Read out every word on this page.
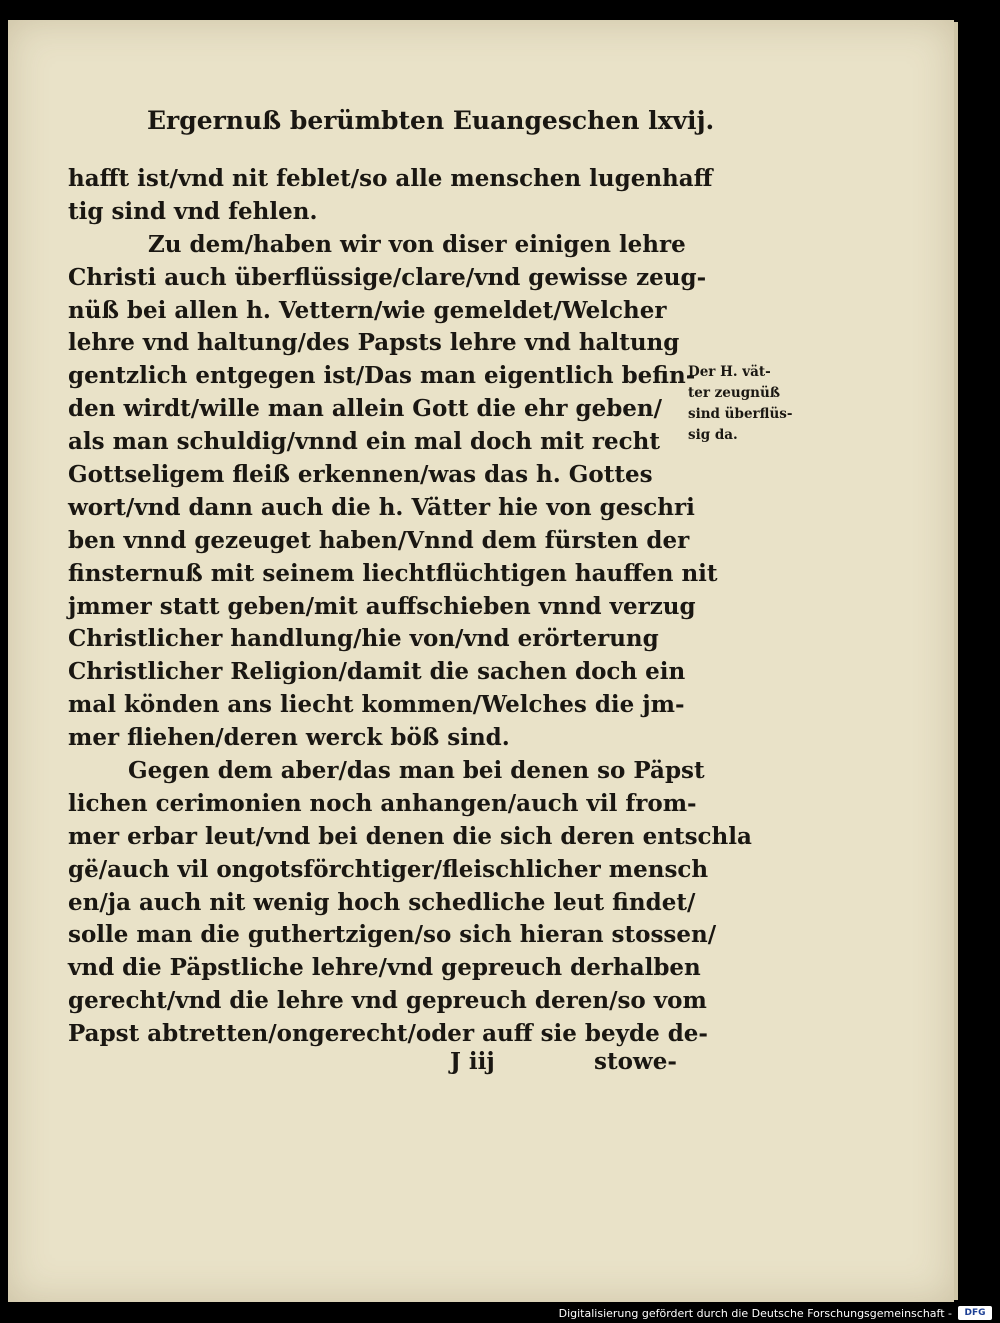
Ergernuß berümbten Euangeschen lxvij.
hafft ist/vnd nit feblet/so alle menschen lugenhaff
tig sind vnd fehlen.
Zu dem/haben wir von diser einigen lehre
Christi auch überflüssige/clare/vnd gewisse zeug-
nüß bei allen h. Vettern/wie gemeldet/Welcher
lehre vnd haltung/des Papsts lehre vnd haltung
gentzlich entgegen ist/Das man eigentlich befin-
den wirdt/wille man allein Gott die ehr geben/
als man schuldig/vnnd ein mal doch mit recht
Gottseligem fleiß erkennen/was das h. Gottes
wort/vnd dann auch die h. Vätter hie von geschri
ben vnnd gezeuget haben/Vnnd dem fürsten der
finsternuß mit seinem liechtflüchtigen hauffen nit
jmmer statt geben/mit auffschieben vnnd verzug
Christlicher handlung/hie von/vnd erörterung
Christlicher Religion/damit die sachen doch ein
mal könden ans liecht kommen/Welches die jm-
mer fliehen/deren werck böß sind.
Gegen dem aber/das man bei denen so Päpst
lichen cerimonien noch anhangen/auch vil from-
mer erbar leut/vnd bei denen die sich deren entschla
gë/auch vil ongotsförchtiger/fleischlicher mensch
en/ja auch nit wenig hoch schedliche leut findet/
solle man die guthertzigen/so sich hieran stossen/
vnd die Päpstliche lehre/vnd gepreuch derhalben
gerecht/vnd die lehre vnd gepreuch deren/so vom
Papst abtretten/ongerecht/oder auff sie beyde de-
Der H. vät-
ter zeugnüß
sind überflüs-
sig da.
J iij	stowe-
Digitalisierung gefördert durch die Deutsche Forschungsgemeinschaft -	DFG
